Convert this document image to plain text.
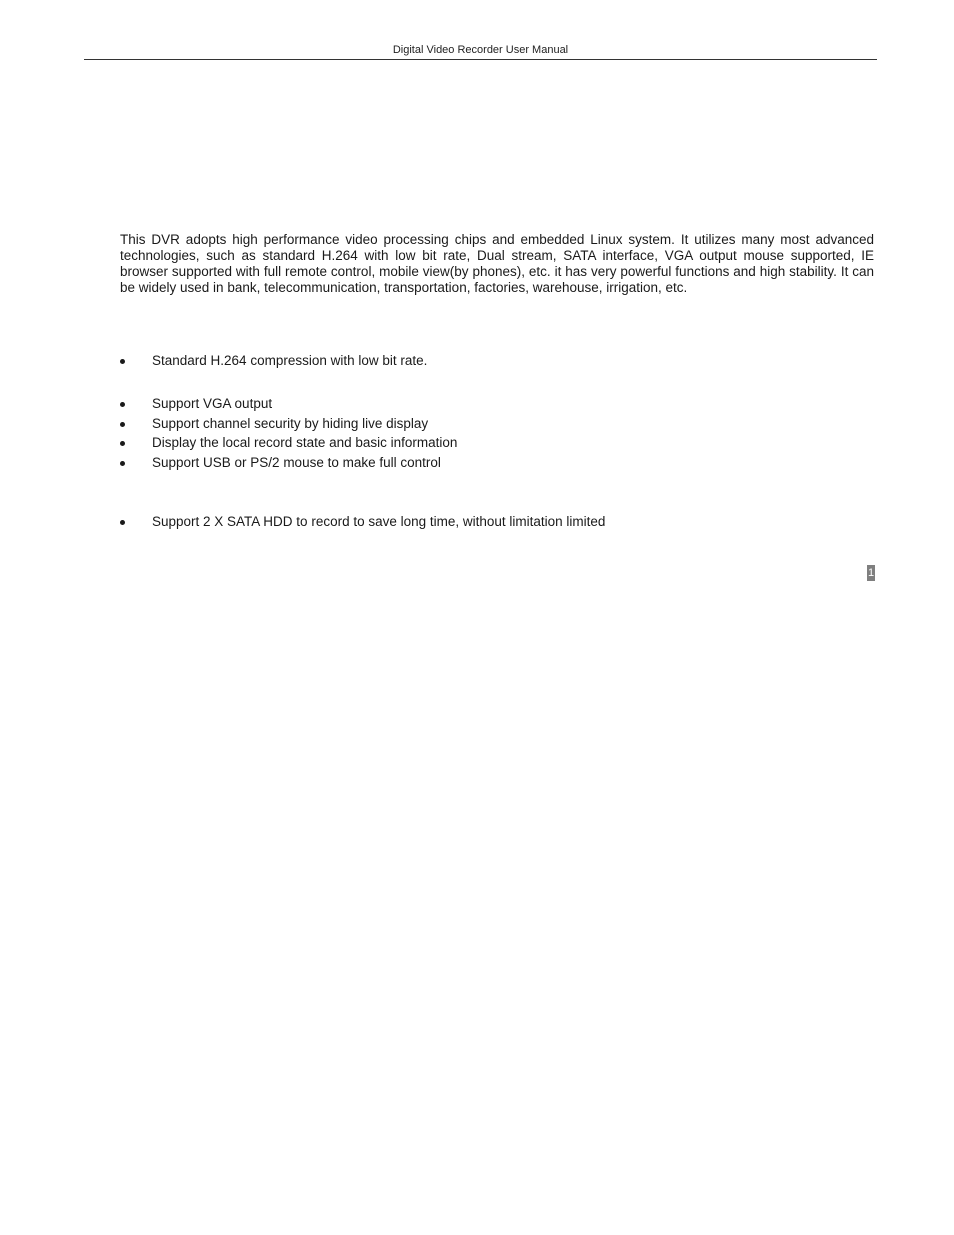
Digital Video Recorder User Manual

This DVR adopts high performance video processing chips and embedded Linux system. It utilizes many most advanced technologies, such as standard H.264 with low bit rate, Dual stream, SATA interface, VGA output mouse supported, IE browser supported with full remote control, mobile view(by phones), etc. it has very powerful functions and high stability. It can be widely used in bank, telecommunication, transportation, factories, warehouse, irrigation, etc.

Standard H.264 compression with low bit rate.
Support VGA output
Support channel security by hiding live display
Display the local record state and basic information
Support USB or PS/2 mouse to make full control
Support 2 X SATA HDD to record to save long time, without limitation limited
1
